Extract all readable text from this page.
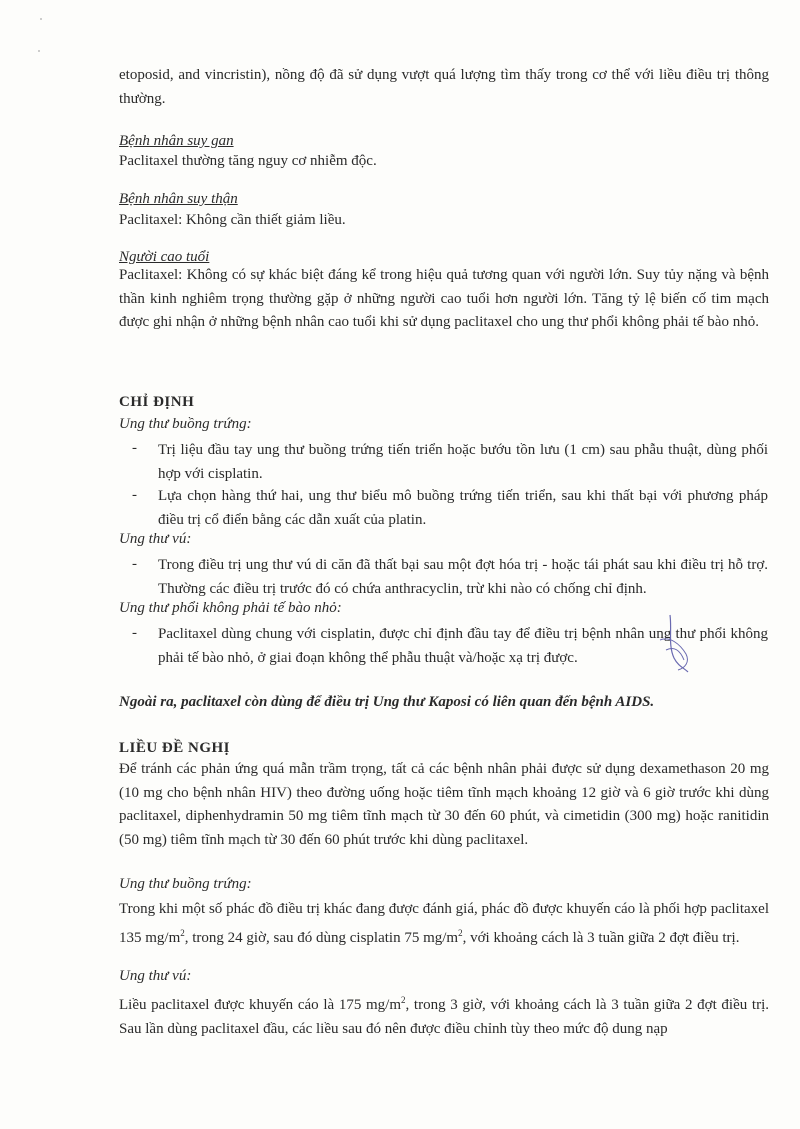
etoposid, and vincristin), nồng độ đã sử dụng vượt quá lượng tìm thấy trong cơ thể với liều điều trị thông thường.

Bệnh nhân suy gan

Paclitaxel thường tăng nguy cơ nhiễm độc.

Bệnh nhân suy thận

Paclitaxel: Không cần thiết giảm liều.

Người cao tuổi

Paclitaxel: Không có sự khác biệt đáng kể trong hiệu quả tương quan với người lớn. Suy tủy nặng và bệnh thần kinh nghiêm trọng thường gặp ở những người cao tuổi hơn người lớn. Tăng tỷ lệ biến cố tim mạch được ghi nhận ở những bệnh nhân cao tuổi khi sử dụng paclitaxel cho ung thư phổi không phải tế bào nhỏ.

CHỈ ĐỊNH

Ung thư buồng trứng:

- Trị liệu đầu tay ung thư buồng trứng tiến triển hoặc bướu tồn lưu (1 cm) sau phẫu thuật, dùng phối hợp với cisplatin.

- Lựa chọn hàng thứ hai, ung thư biểu mô buồng trứng tiến triển, sau khi thất bại với phương pháp điều trị cổ điển bằng các dẫn xuất của platin.

Ung thư vú:

- Trong điều trị ung thư vú di căn đã thất bại sau một đợt hóa trị - hoặc tái phát sau khi điều trị hỗ trợ. Thường các điều trị trước đó có chứa anthracyclin, trừ khi nào có chống chỉ định.

Ung thư phổi không phải tế bào nhỏ:

- Paclitaxel dùng chung với cisplatin, được chỉ định đầu tay để điều trị bệnh nhân ung thư phổi không phải tế bào nhỏ, ở giai đoạn không thể phẫu thuật và/hoặc xạ trị được.

Ngoài ra, paclitaxel còn dùng để điều trị Ung thư Kaposi có liên quan đến bệnh AIDS.

LIỀU ĐỀ NGHỊ

Để tránh các phản ứng quá mẫn trầm trọng, tất cả các bệnh nhân phải được sử dụng dexamethason 20 mg (10 mg cho bệnh nhân HIV) theo đường uống hoặc tiêm tĩnh mạch khoảng 12 giờ và 6 giờ trước khi dùng paclitaxel, diphenhydramin 50 mg tiêm tĩnh mạch từ 30 đến 60 phút, và cimetidin (300 mg) hoặc ranitidin (50 mg) tiêm tĩnh mạch từ 30 đến 60 phút trước khi dùng paclitaxel.

Ung thư buồng trứng:

Trong khi một số phác đồ điều trị khác đang được đánh giá, phác đồ được khuyến cáo là phối hợp paclitaxel 135 $mg/m^2$, trong 24 giờ, sau đó dùng cisplatin 75 $mg/m^2$, với khoảng cách là 3 tuần giữa 2 đợt điều trị.

Ung thư vú:

Liều paclitaxel được khuyến cáo là 175 $mg/m^2$, trong 3 giờ, với khoảng cách là 3 tuần giữa 2 đợt điều trị. Sau lần dùng paclitaxel đầu, các liều sau đó nên được điều chỉnh tùy theo mức độ dung nạp
